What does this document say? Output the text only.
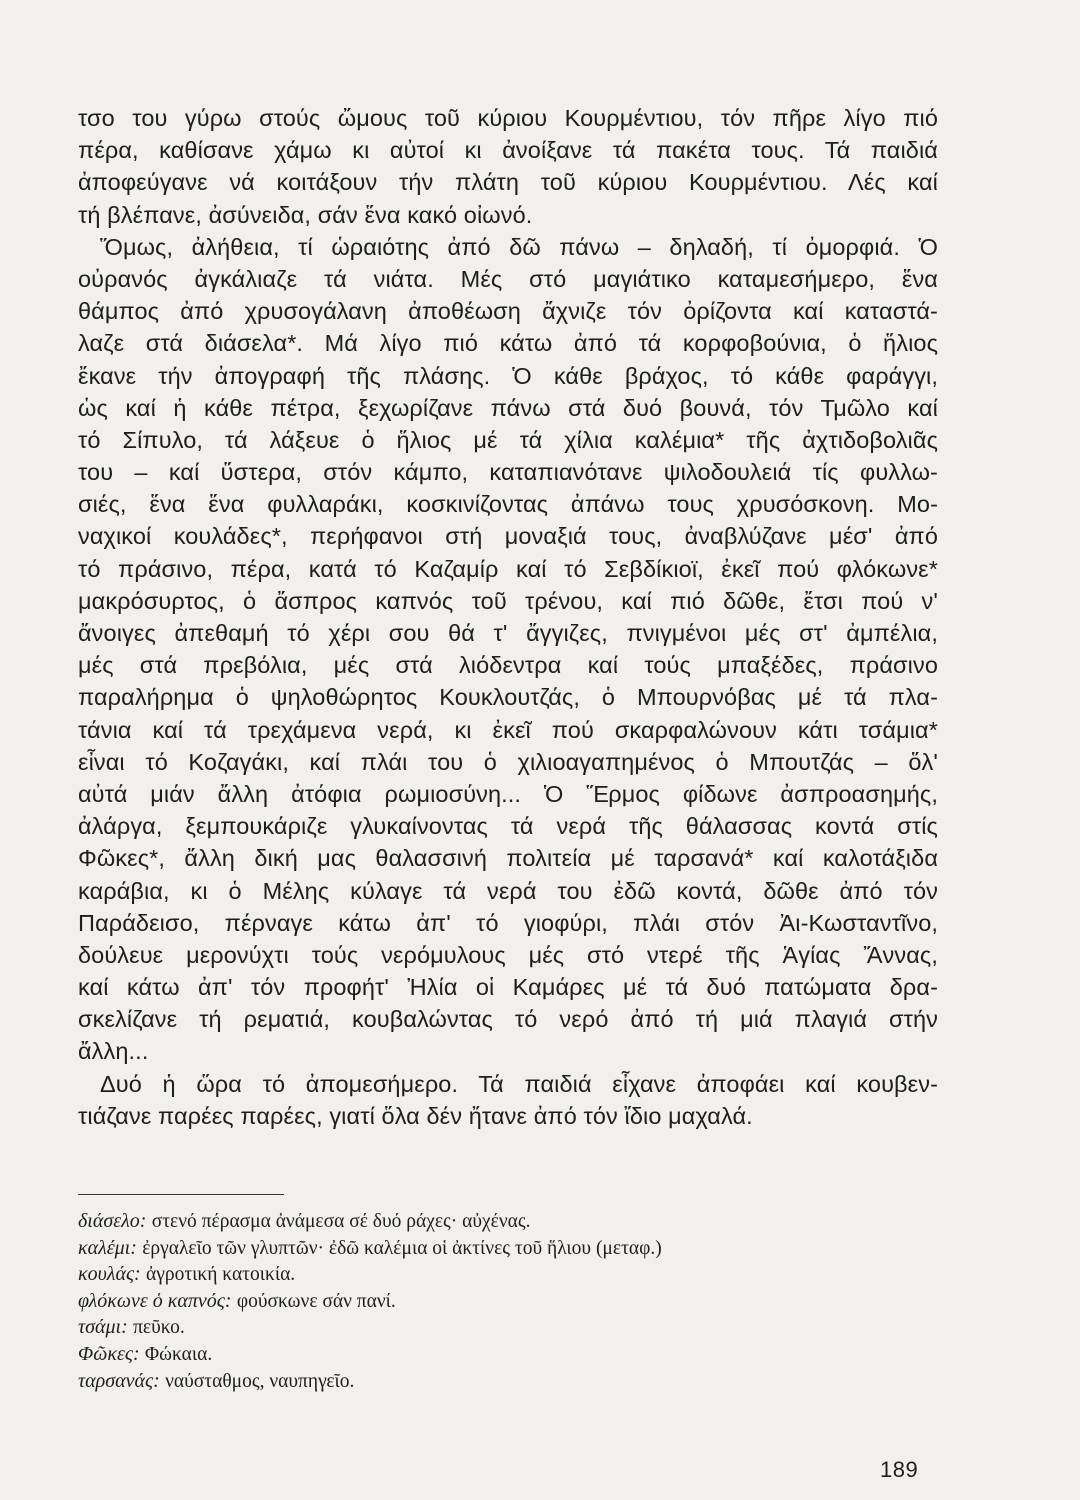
τσο του γύρω στούς ὤμους τοῦ κύριου Κουρμέντιου, τόν πῆρε λίγο πιό
πέρα, καθίσανε χάμω κι αὐτοί κι ἀνοίξανε τά πακέτα τους. Τά παιδιά
ἀποφεύγανε νά κοιτάξουν τήν πλάτη τοῦ κύριου Κουρμέντιου. Λές καί
τή βλέπανε, ἀσύνειδα, σάν ἕνα κακό οἰωνό.
Ὅμως, ἀλήθεια, τί ὡραιότης ἀπό δῶ πάνω – δηλαδή, τί ὀμορφιά. Ὁ
οὐρανός ἀγκάλιαζε τά νιάτα. Μές στό μαγιάτικο καταμεσήμερο, ἕνα
θάμπος ἀπό χρυσογάλανη ἀποθέωση ἄχνιζε τόν ὀρίζοντα καί καταστά-
λαζε στά διάσελα*. Μά λίγο πιό κάτω ἀπό τά κορφοβούνια, ὁ ἥλιος
ἔκανε τήν ἀπογραφή τῆς πλάσης. Ὁ κάθε βράχος, τό κάθε φαράγγι,
ὡς καί ἡ κάθε πέτρα, ξεχωρίζανε πάνω στά δυό βουνά, τόν Τμῶλο καί
τό Σίπυλο, τά λάξευε ὁ ἥλιος μέ τά χίλια καλέμια* τῆς ἀχτιδοβολιᾶς
του – καί ὕστερα, στόν κάμπο, καταπιανότανε ψιλοδουλειά τίς φυλλω-
σιές, ἕνα ἕνα φυλλαράκι, κοσκινίζοντας ἀπάνω τους χρυσόσκονη. Μο-
ναχικοί κουλάδες*, περήφανοι στή μοναξιά τους, ἀναβλύζανε μέσ' ἀπό
τό πράσινο, πέρα, κατά τό Καζαμίρ καί τό Σεβδίκιοϊ, ἐκεῖ πού φλόκωνε*
μακρόσυρτος, ὁ ἄσπρος καπνός τοῦ τρένου, καί πιό δῶθε, ἔτσι πού ν'
ἄνοιγες ἀπεθαμή τό χέρι σου θά τ' ἄγγιζες, πνιγμένοι μές στ' ἀμπέλια,
μές στά πρεβόλια, μές στά λιόδεντρα καί τούς μπαξέδες, πράσινο
παραλήρημα ὁ ψηλοθώρητος Κουκλουτζάς, ὁ Μπουρνόβας μέ τά πλα-
τάνια καί τά τρεχάμενα νερά, κι ἐκεῖ πού σκαρφαλώνουν κάτι τσάμια*
εἶναι τό Κοζαγάκι, καί πλάι του ὁ χιλιοαγαπημένος ὁ Μπουτζάς – ὅλ'
αὐτά μιάν ἄλλη ἀτόφια ρωμιοσύνη... Ὁ Ἕρμος φίδωνε ἀσπροασημής,
ἀλάργα, ξεμπουκάριζε γλυκαίνοντας τά νερά τῆς θάλασσας κοντά στίς
Φῶκες*, ἄλλη δική μας θαλασσινή πολιτεία μέ ταρσανά* καί καλοτάξιδα
καράβια, κι ὁ Μέλης κύλαγε τά νερά του ἐδῶ κοντά, δῶθε ἀπό τόν
Παράδεισο, πέρναγε κάτω ἀπ' τό γιοφύρι, πλάι στόν Ἀι-Κωσταντῖνο,
δούλευε μερονύχτι τούς νερόμυλους μές στό ντερέ τῆς Ἁγίας Ἄννας,
καί κάτω ἀπ' τόν προφήτ' Ἠλία οἱ Καμάρες μέ τά δυό πατώματα δρα-
σκελίζανε τή ρεματιά, κουβαλώντας τό νερό ἀπό τή μιά πλαγιά στήν
ἄλλη...
Δυό ἡ ὥρα τό ἀπομεσήμερο. Τά παιδιά εἶχανε ἀποφάει καί κουβεν-
τιάζανε παρέες παρέες, γιατί ὅλα δέν ἤτανε ἀπό τόν ἴδιο μαχαλά.
διάσελο: στενό πέρασμα ἀνάμεσα σέ δυό ράχες· αὐχένας.
καλέμι: ἐργαλεῖο τῶν γλυπτῶν· ἐδῶ καλέμια οἱ ἀκτίνες τοῦ ἥλιου (μεταφ.)
κουλάς: ἀγροτική κατοικία.
φλόκωνε ὁ καπνός: φούσκωνε σάν πανί.
τσάμι: πεῦκο.
Φῶκες: Φώκαια.
ταρσανάς: ναύσταθμος, ναυπηγεῖο.
189
